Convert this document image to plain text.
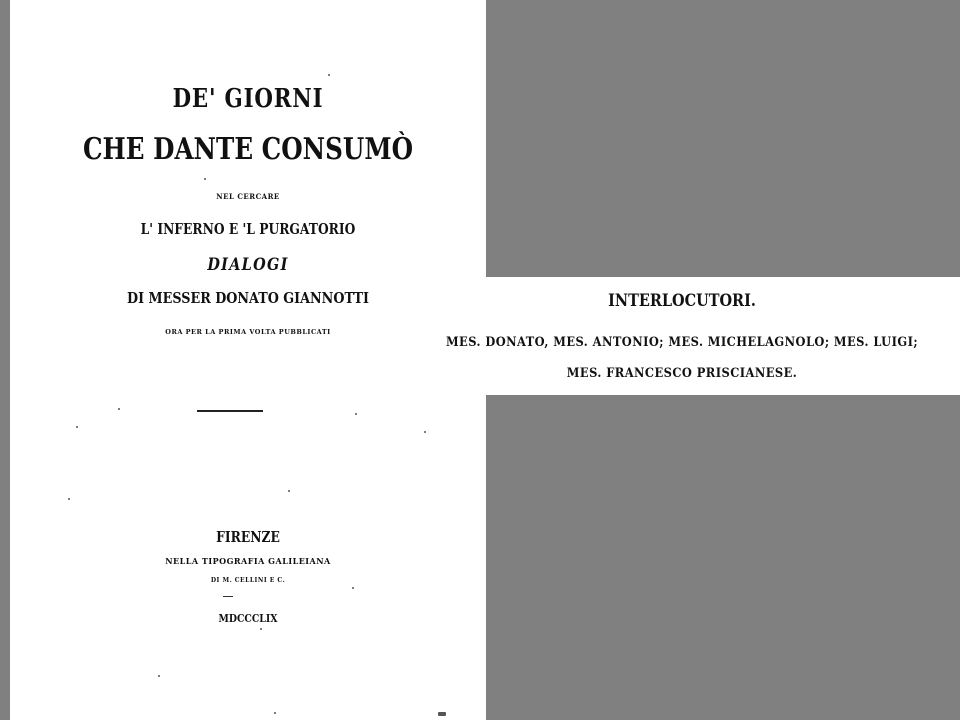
DE' GIORNI
CHE DANTE CONSUMÒ
NEL CERCARE
L' INFERNO E 'L PURGATORIO
DIALOGI
DI MESSER DONATO GIANNOTTI
ORA PER LA PRIMA VOLTA PUBBLICATI
FIRENZE
NELLA TIPOGRAFIA GALILEIANA
DI M. CELLINI E C.
MDCCCLIX
INTERLOCUTORI.
MES. DONATO, MES. ANTONIO; MES. MICHELAGNOLO; MES. LUIGI;
MES. FRANCESCO PRISCIANESE.
